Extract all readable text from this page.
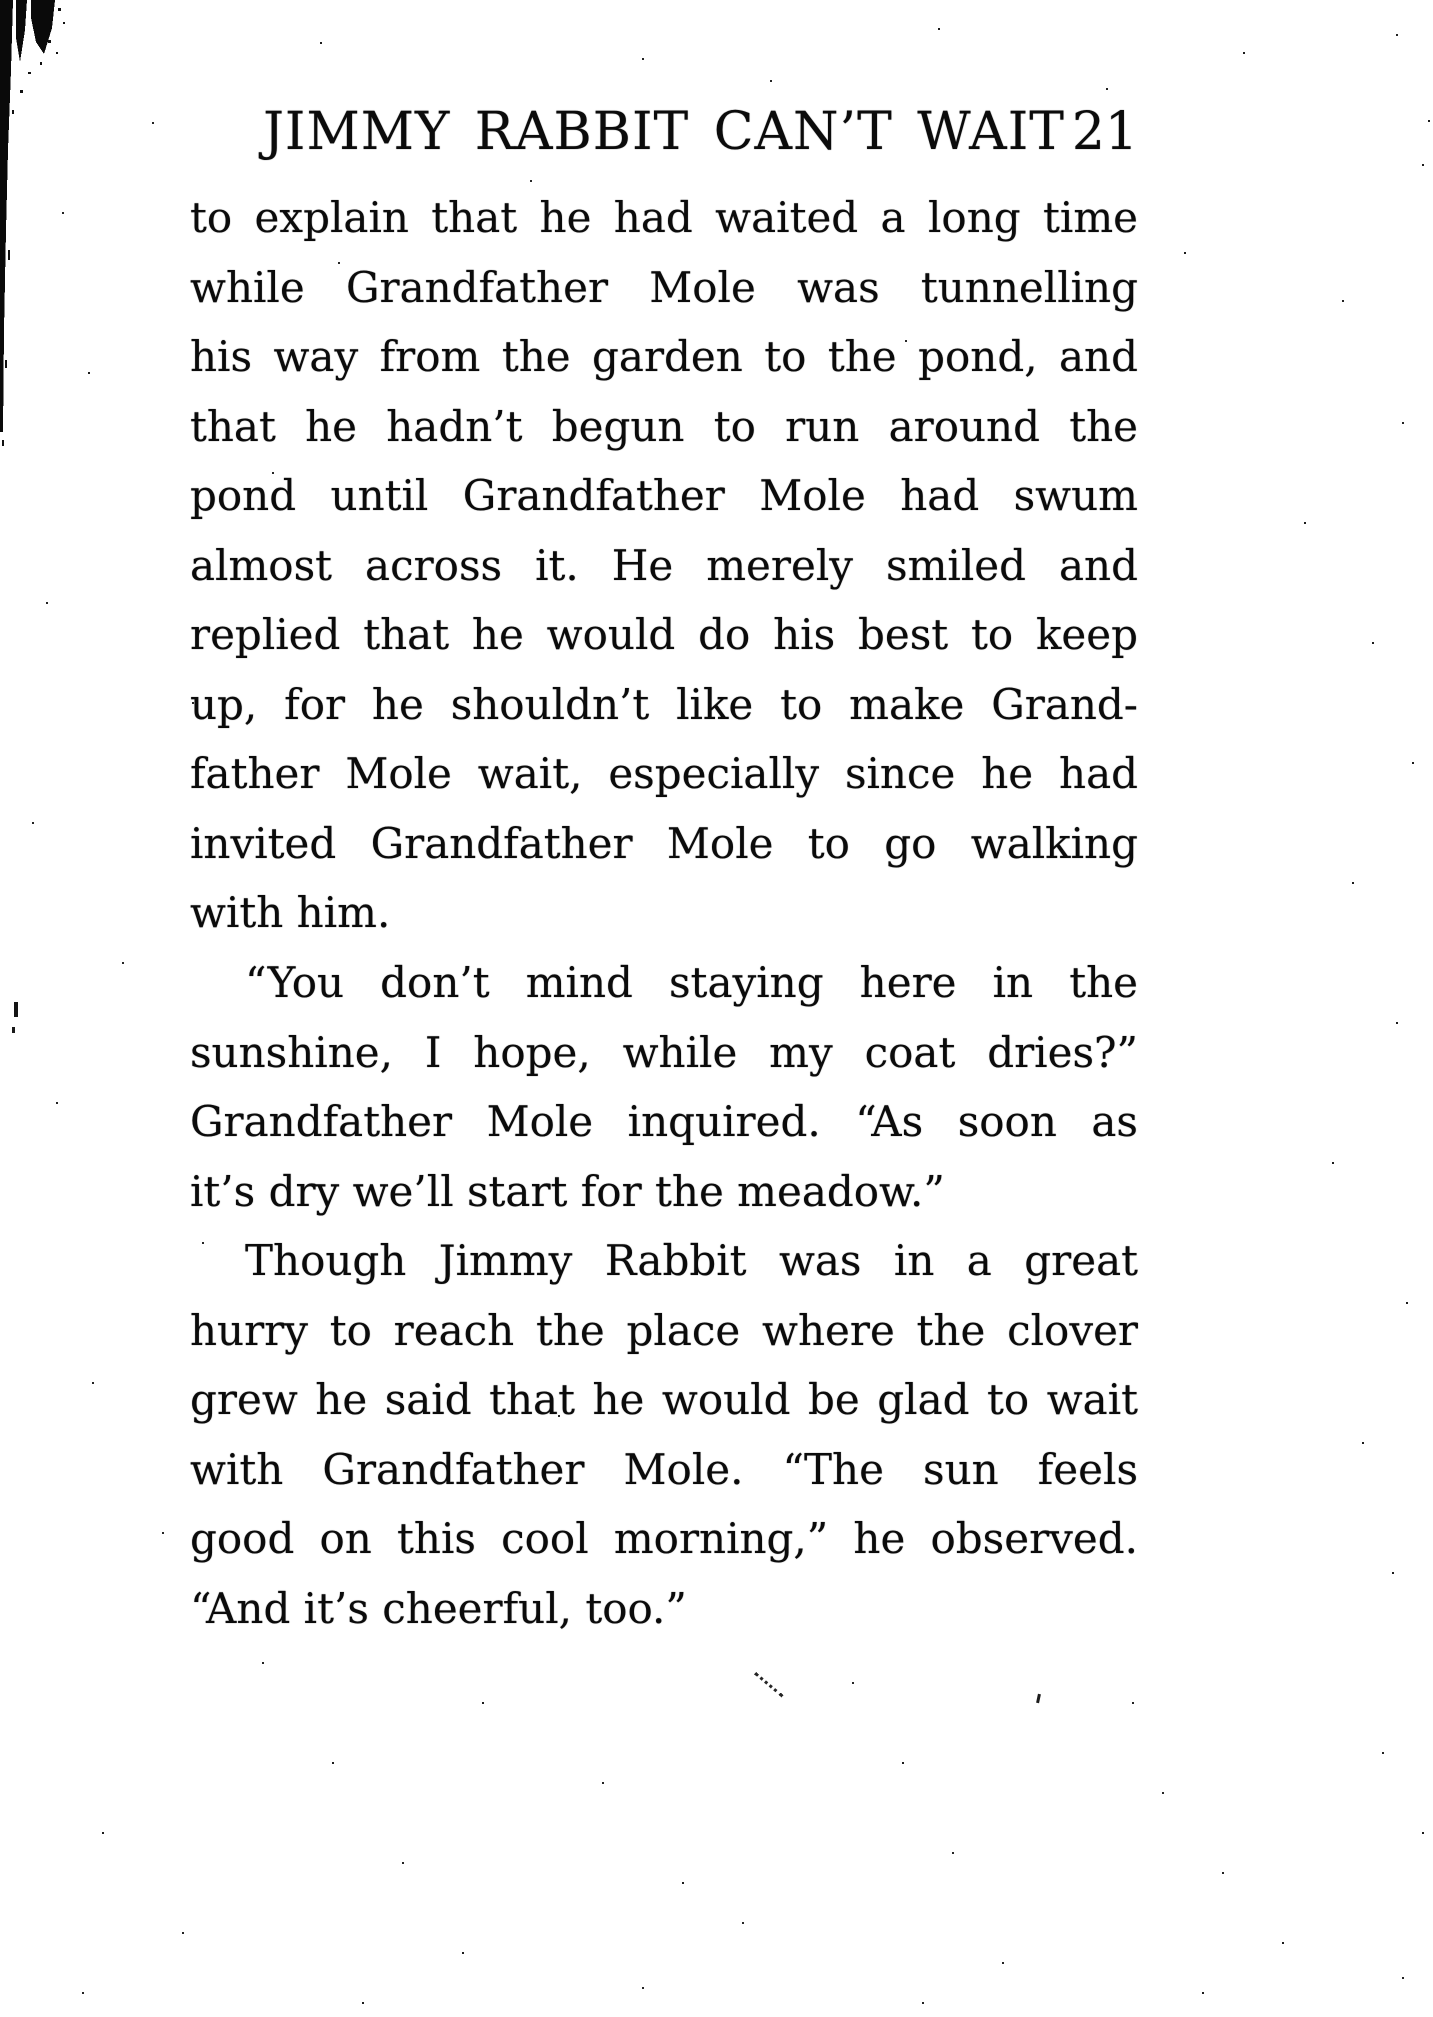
JIMMY RABBIT CAN’T WAIT 21
to explain that he had waited a long time
while Grandfather Mole was tunnelling
his way from the garden to the pond, and
that he hadn’t begun to run around the
pond until Grandfather Mole had swum
almost across it. He merely smiled and
replied that he would do his best to keep
up, for he shouldn’t like to make Grand-
father Mole wait, especially since he had
invited Grandfather Mole to go walking
with him.
“You don’t mind staying here in the
sunshine, I hope, while my coat dries?”
Grandfather Mole inquired. “As soon as
it’s dry we’ll start for the meadow.”
Though Jimmy Rabbit was in a great
hurry to reach the place where the clover
grew he said that he would be glad to wait
with Grandfather Mole. “The sun feels
good on this cool morning,” he observed.
“And it’s cheerful, too.”
